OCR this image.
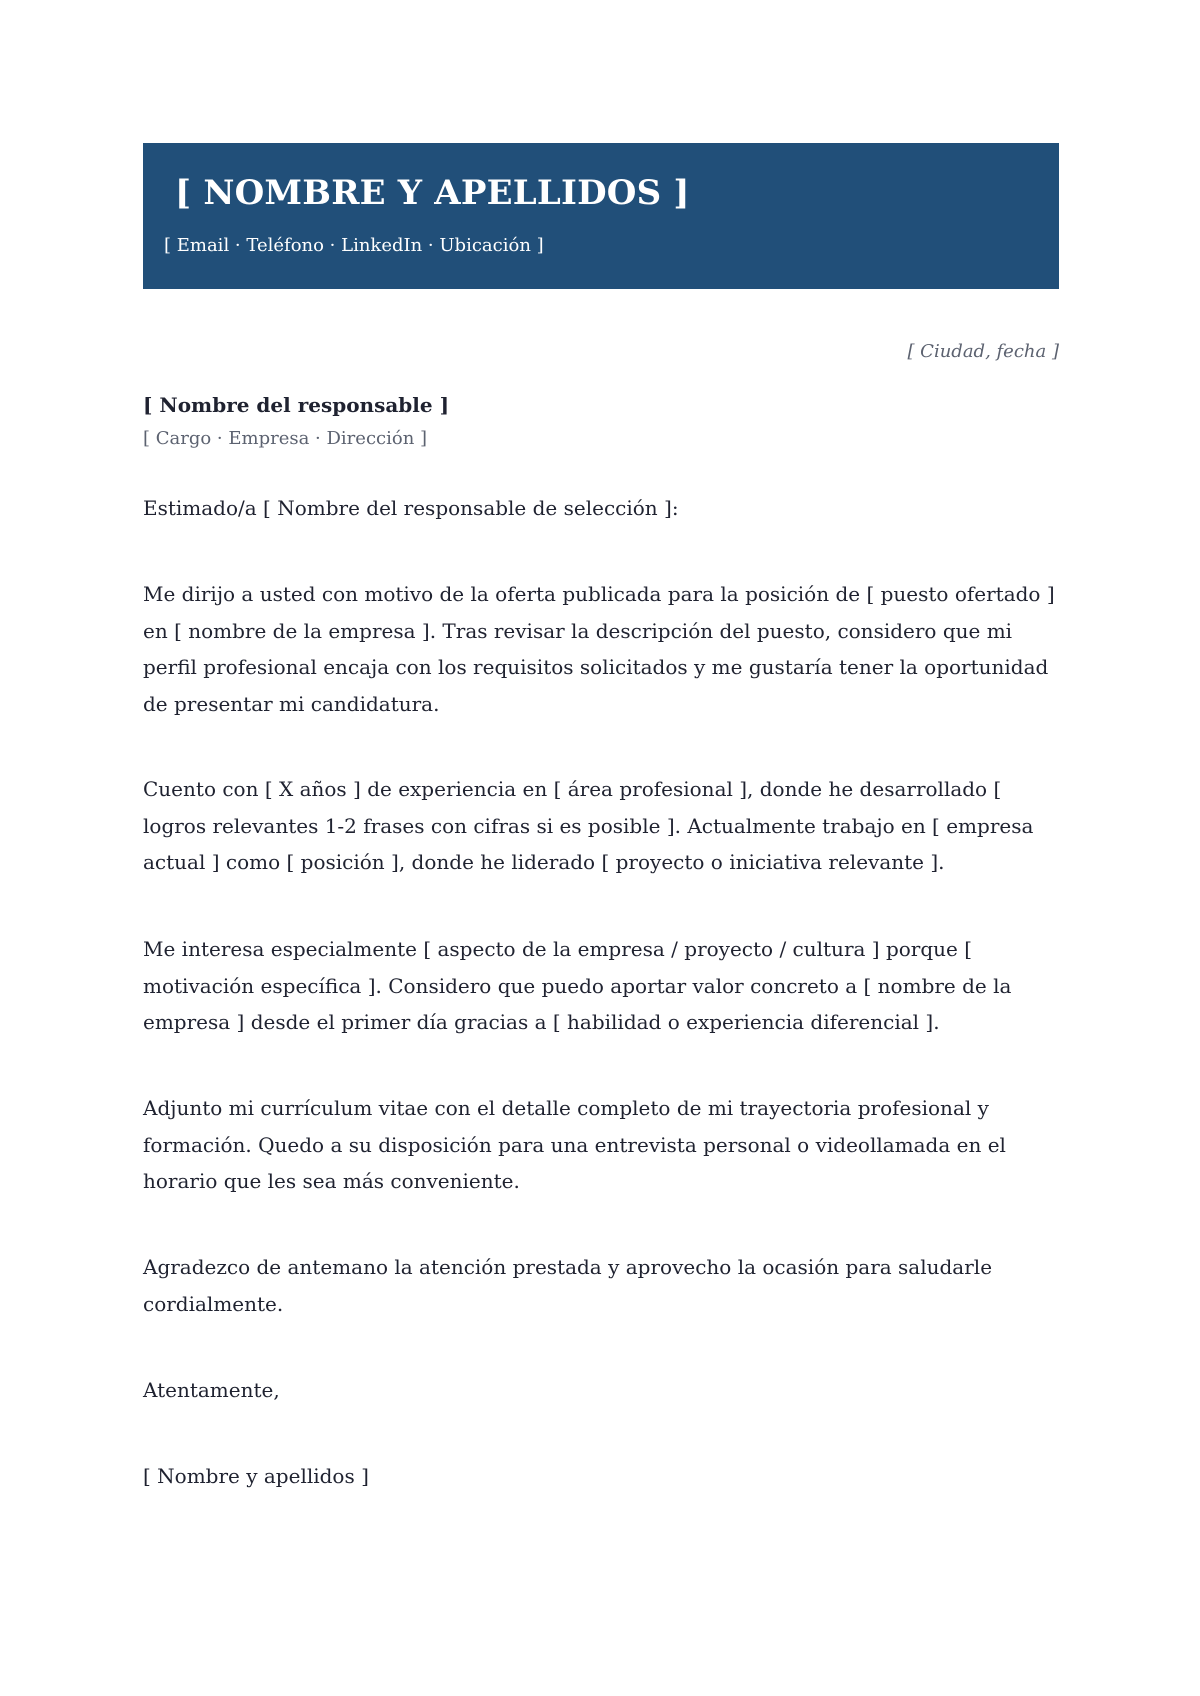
[ NOMBRE Y APELLIDOS ]

[ Email · Teléfono · LinkedIn · Ubicación ]

[ Ciudad, fecha ]
[ Nombre del responsable ]
[ Cargo · Empresa · Dirección ]
Estimado/a [ Nombre del responsable de selección ]:

Me dirijo a usted con motivo de la oferta publicada para la posición de [ puesto ofertado ] en [ nombre de la empresa ]. Tras revisar la descripción del puesto, considero que mi perfil profesional encaja con los requisitos solicitados y me gustaría tener la oportunidad de presentar mi candidatura.

Cuento con [ X años ] de experiencia en [ área profesional ], donde he desarrollado [ logros relevantes 1-2 frases con cifras si es posible ]. Actualmente trabajo en [ empresa actual ] como [ posición ], donde he liderado [ proyecto o iniciativa relevante ].

Me interesa especialmente [ aspecto de la empresa / proyecto / cultura ] porque [ motivación específica ]. Considero que puedo aportar valor concreto a [ nombre de la empresa ] desde el primer día gracias a [ habilidad o experiencia diferencial ].

Adjunto mi currículum vitae con el detalle completo de mi trayectoria profesional y formación. Quedo a su disposición para una entrevista personal o videollamada en el horario que les sea más conveniente.

Agradezco de antemano la atención prestada y aprovecho la ocasión para saludarle cordialmente.

Atentamente,
[ Nombre y apellidos ]
